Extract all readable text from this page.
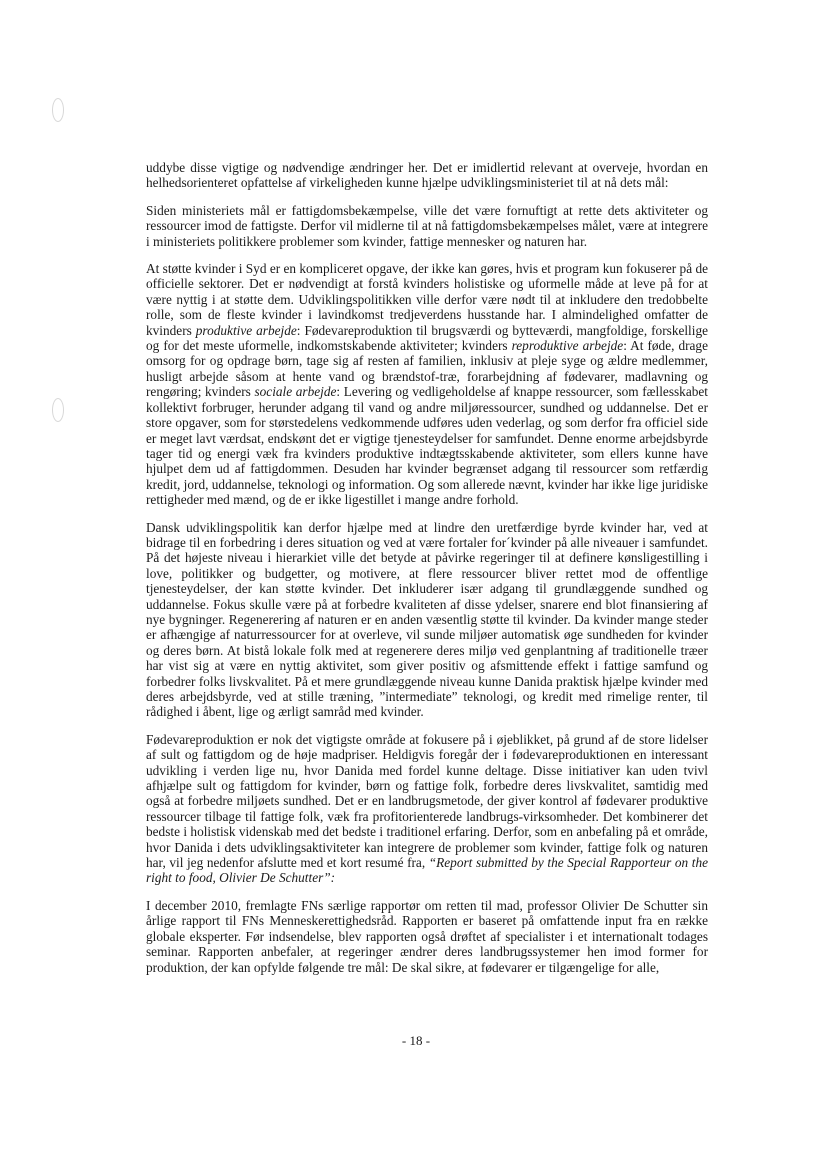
uddybe disse vigtige og nødvendige ændringer her. Det er imidlertid relevant at overveje, hvordan en helhedsorienteret opfattelse af virkeligheden kunne hjælpe udviklingsministeriet til at nå dets mål:

Siden ministeriets mål er fattigdomsbekæmpelse, ville det være fornuftigt at rette dets aktiviteter og ressourcer imod de fattigste. Derfor vil midlerne til at nå fattigdomsbekæmpelses målet, være at integrere i ministeriets politikkere problemer som kvinder, fattige mennesker og naturen har.

At støtte kvinder i Syd er en kompliceret opgave, der ikke kan gøres, hvis et program kun fokuserer på de officielle sektorer. Det er nødvendigt at forstå kvinders holistiske og uformelle måde at leve på for at være nyttig i at støtte dem. Udviklingspolitikken ville derfor være nødt til at inkludere den tredobbelte rolle, som de fleste kvinder i lavindkomst tredjeverdens husstande har. I almindelighed omfatter de kvinders produktive arbejde: Fødevareproduktion til brugsværdi og bytteværdi, mangfoldige, forskellige og for det meste uformelle, indkomstskabende aktiviteter; kvinders reproduktive arbejde: At føde, drage omsorg for og opdrage børn, tage sig af resten af familien, inklusiv at pleje syge og ældre medlemmer, husligt arbejde såsom at hente vand og brændstof-træ, forarbejdning af fødevarer, madlavning og rengøring; kvinders sociale arbejde: Levering og vedligeholdelse af knappe ressourcer, som fællesskabet kollektivt forbruger, herunder adgang til vand og andre miljøressourcer, sundhed og uddannelse. Det er store opgaver, som for størstedelens vedkommende udføres uden vederlag, og som derfor fra officiel side er meget lavt værdsat, endskønt det er vigtige tjenesteydelser for samfundet. Denne enorme arbejdsbyrde tager tid og energi væk fra kvinders produktive indtægtsskabende aktiviteter, som ellers kunne have hjulpet dem ud af fattigdommen. Desuden har kvinder begrænset adgang til ressourcer som retfærdig kredit, jord, uddannelse, teknologi og information. Og som allerede nævnt, kvinder har ikke lige juridiske rettigheder med mænd, og de er ikke ligestillet i mange andre forhold.

Dansk udviklingspolitik kan derfor hjælpe med at lindre den uretfærdige byrde kvinder har, ved at bidrage til en forbedring i deres situation og ved at være fortaler for´kvinder på alle niveauer i samfundet. På det højeste niveau i hierarkiet ville det betyde at påvirke regeringer til at definere kønsligestilling i love, politikker og budgetter, og motivere, at flere ressourcer bliver rettet mod de offentlige tjenesteydelser, der kan støtte kvinder. Det inkluderer især adgang til grundlæggende sundhed og uddannelse. Fokus skulle være på at forbedre kvaliteten af disse ydelser, snarere end blot finansiering af nye bygninger. Regenerering af naturen er en anden væsentlig støtte til kvinder. Da kvinder mange steder er afhængige af naturressourcer for at overleve, vil sunde miljøer automatisk øge sundheden for kvinder og deres børn. At bistå lokale folk med at regenerere deres miljø ved genplantning af traditionelle træer har vist sig at være en nyttig aktivitet, som giver positiv og afsmittende effekt i fattige samfund og forbedrer folks livskvalitet. På et mere grundlæggende niveau kunne Danida praktisk hjælpe kvinder med deres arbejdsbyrde, ved at stille træning, ”intermediate” teknologi, og kredit med rimelige renter, til rådighed i åbent, lige og ærligt samråd med kvinder.

Fødevareproduktion er nok det vigtigste område at fokusere på i øjeblikket, på grund af de store lidelser af sult og fattigdom og de høje madpriser. Heldigvis foregår der i fødevareproduktionen en interessant udvikling i verden lige nu, hvor Danida med fordel kunne deltage. Disse initiativer kan uden tvivl afhjælpe sult og fattigdom for kvinder, børn og fattige folk, forbedre deres livskvalitet, samtidig med også at forbedre miljøets sundhed. Det er en landbrugsmetode, der giver kontrol af fødevarer produktive ressourcer tilbage til fattige folk, væk fra profitorienterede landbrugs-virksomheder. Det kombinerer det bedste i holistisk videnskab med det bedste i traditionel erfaring. Derfor, som en anbefaling på et område, hvor Danida i dets udviklingsaktiviteter kan integrere de problemer som kvinder, fattige folk og naturen har, vil jeg nedenfor afslutte med et kort resumé fra, “Report submitted by the Special Rapporteur on the right to food, Olivier De Schutter”:

I december 2010, fremlagte FNs særlige rapportør om retten til mad, professor Olivier De Schutter sin årlige rapport til FNs Menneskerettighedsråd. Rapporten er baseret på omfattende input fra en række globale eksperter. Før indsendelse, blev rapporten også drøftet af specialister i et internationalt todages seminar. Rapporten anbefaler, at regeringer ændrer deres landbrugssystemer hen imod former for produktion, der kan opfylde følgende tre mål: De skal sikre, at fødevarer er tilgængelige for alle,

- 18 -
